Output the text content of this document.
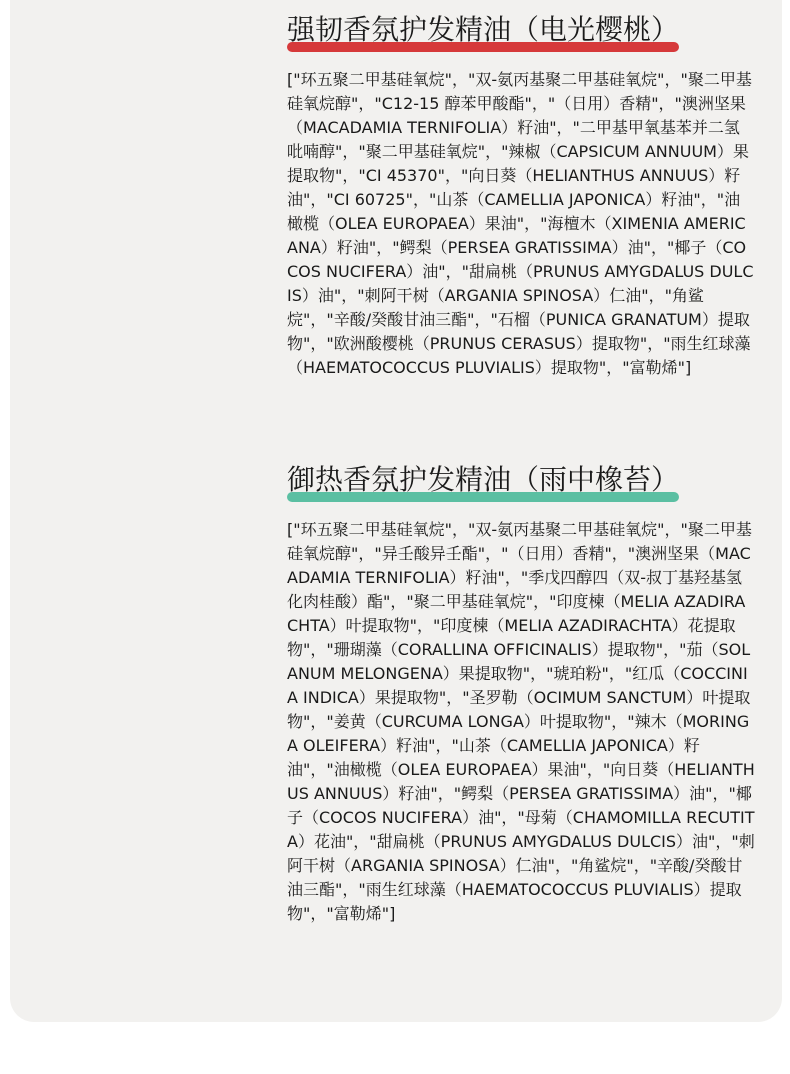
强韧香氛护发精油（电光樱桃）

["环五聚二甲基硅氧烷"，"双-氨丙基聚二甲基硅氧烷"，"聚二甲基硅氧烷醇"，"C12-15 醇苯甲酸酯"，"（日用）香精"，"澳洲坚果（MACADAMIA TERNIFOLIA）籽油"，"二甲基甲氧基苯并二氢吡喃醇"，"聚二甲基硅氧烷"，"辣椒（CAPSICUM ANNUUM）果提取物"，"CI 45370"，"向日葵（HELIANTHUS ANNUUS）籽油"，"CI 60725"，"山茶（CAMELLIA JAPONICA）籽油"，"油橄榄（OLEA EUROPAEA）果油"，"海檀木（XIMENIA AMERICANA）籽油"，"鳄梨（PERSEA GRATISSIMA）油"，"椰子（COCOS NUCIFERA）油"，"甜扁桃（PRUNUS AMYGDALUS DULCIS）油"，"刺阿干树（ARGANIA SPINOSA）仁油"，"角鲨烷"，"辛酸/癸酸甘油三酯"，"石榴（PUNICA GRANATUM）提取物"，"欧洲酸樱桃（PRUNUS CERASUS）提取物"，"雨生红球藻（HAEMATOCOCCUS PLUVIALIS）提取物"，"富勒烯"]

御热香氛护发精油（雨中橡苔）

["环五聚二甲基硅氧烷"，"双-氨丙基聚二甲基硅氧烷"，"聚二甲基硅氧烷醇"，"异壬酸异壬酯"，"（日用）香精"，"澳洲坚果（MACADAMIA TERNIFOLIA）籽油"，"季戊四醇四（双-叔丁基羟基氢化肉桂酸）酯"，"聚二甲基硅氧烷"，"印度楝（MELIA AZADIRACHTA）叶提取物"，"印度楝（MELIA AZADIRACHTA）花提取物"，"珊瑚藻（CORALLINA OFFICINALIS）提取物"，"茄（SOLANUM MELONGENA）果提取物"，"琥珀粉"，"红瓜（COCCINIA INDICA）果提取物"，"圣罗勒（OCIMUM SANCTUM）叶提取物"，"姜黄（CURCUMA LONGA）叶提取物"，"辣木（MORINGA OLEIFERA）籽油"，"山茶（CAMELLIA JAPONICA）籽油"，"油橄榄（OLEA EUROPAEA）果油"，"向日葵（HELIANTHUS ANNUUS）籽油"，"鳄梨（PERSEA GRATISSIMA）油"，"椰子（COCOS NUCIFERA）油"，"母菊（CHAMOMILLA RECUTITA）花油"，"甜扁桃（PRUNUS AMYGDALUS DULCIS）油"，"刺阿干树（ARGANIA SPINOSA）仁油"，"角鲨烷"，"辛酸/癸酸甘油三酯"，"雨生红球藻（HAEMATOCOCCUS PLUVIALIS）提取物"，"富勒烯"]
